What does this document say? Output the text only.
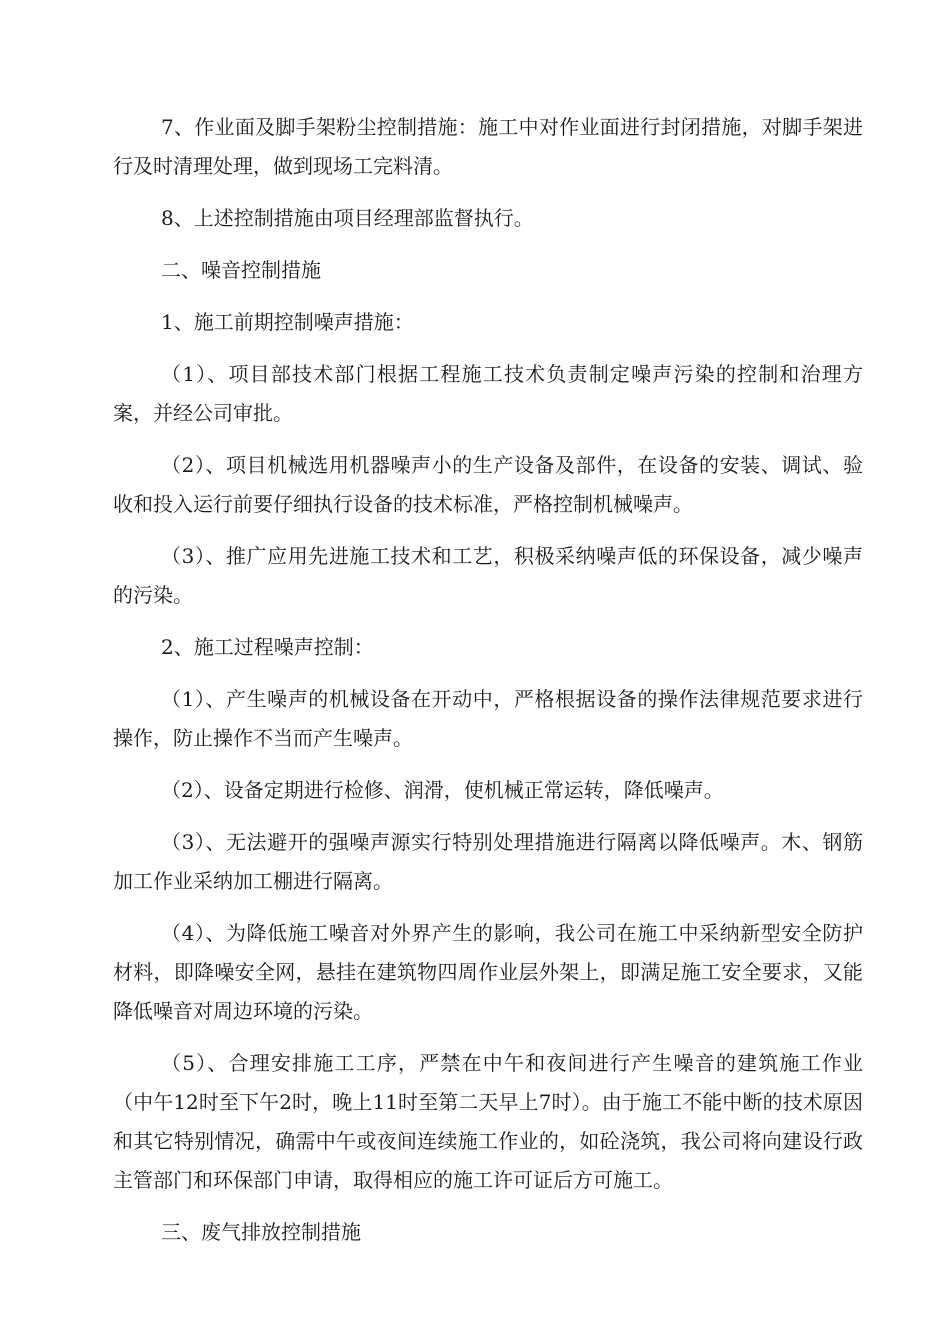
7、作业面及脚手架粉尘控制措施：施工中对作业面进行封闭措施，对脚手架进行及时清理处理，做到现场工完料清。

8、上述控制措施由项目经理部监督执行。

二、噪音控制措施

1、施工前期控制噪声措施：

（1）、项目部技术部门根据工程施工技术负责制定噪声污染的控制和治理方案，并经公司审批。

（2）、项目机械选用机器噪声小的生产设备及部件，在设备的安装、调试、验收和投入运行前要仔细执行设备的技术标准，严格控制机械噪声。

（3）、推广应用先进施工技术和工艺，积极采纳噪声低的环保设备，减少噪声的污染。

2、施工过程噪声控制：

（1）、产生噪声的机械设备在开动中，严格根据设备的操作法律规范要求进行操作，防止操作不当而产生噪声。

（2）、设备定期进行检修、润滑，使机械正常运转，降低噪声。

（3）、无法避开的强噪声源实行特别处理措施进行隔离以降低噪声。木、钢筋加工作业采纳加工棚进行隔离。

（4）、为降低施工噪音对外界产生的影响，我公司在施工中采纳新型安全防护材料，即降噪安全网，悬挂在建筑物四周作业层外架上，即满足施工安全要求，又能降低噪音对周边环境的污染。

（5）、合理安排施工工序，严禁在中午和夜间进行产生噪音的建筑施工作业（中午12时至下午2时，晚上11时至第二天早上7时）。由于施工不能中断的技术原因和其它特别情况，确需中午或夜间连续施工作业的，如砼浇筑，我公司将向建设行政主管部门和环保部门申请，取得相应的施工许可证后方可施工。

三、废气排放控制措施
